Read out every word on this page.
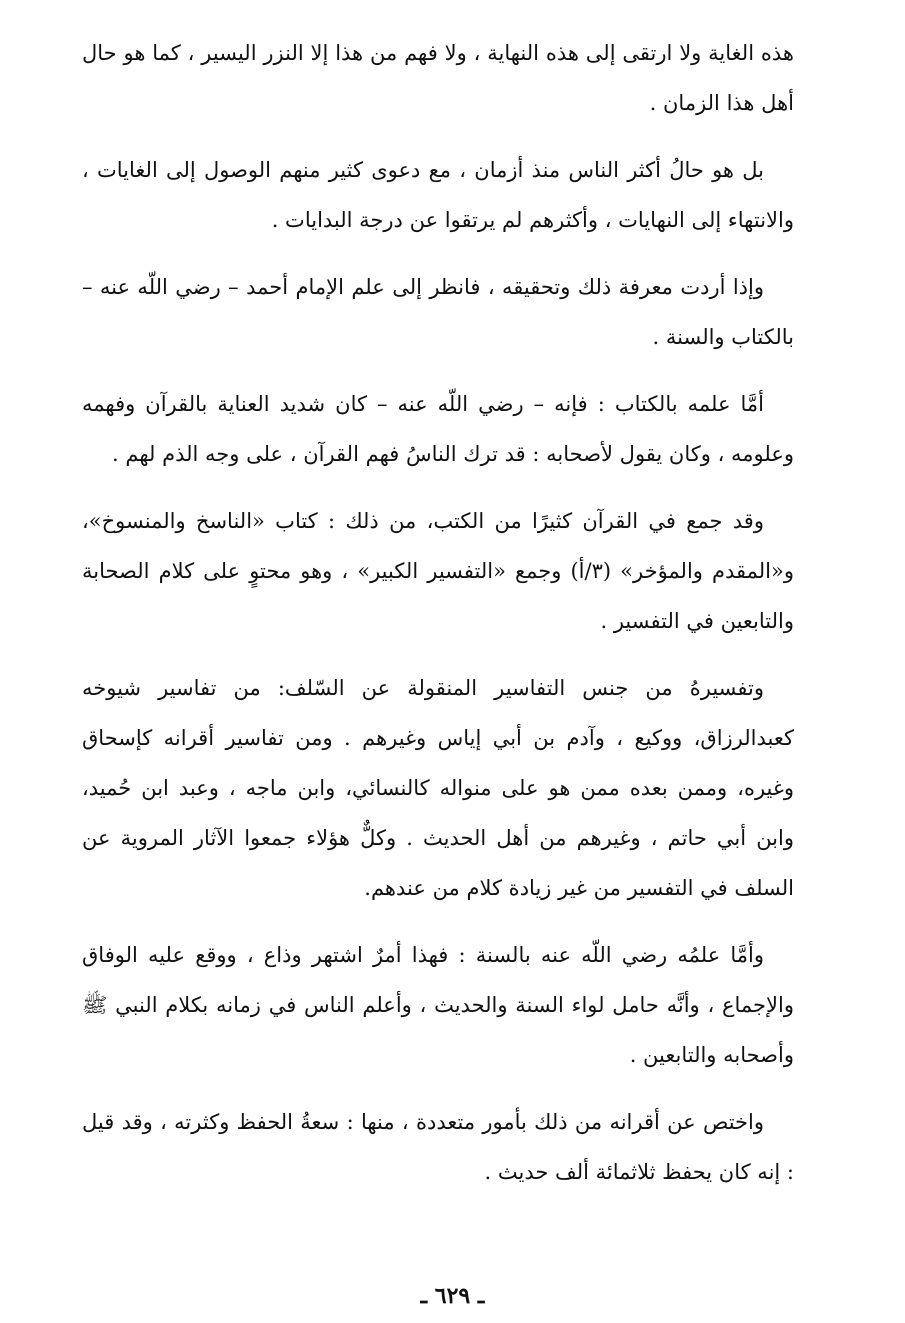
هذه الغاية ولا ارتقى إلى هذه النهاية ، ولا فهم من هذا إلا النزر اليسير ، كما هو حال أهل هذا الزمان .

بل هو حالُ أكثر الناس منذ أزمان ، مع دعوى كثير منهم الوصول إلى الغايات ، والانتهاء إلى النهايات ، وأكثرهم لم يرتقوا عن درجة البدايات .

وإذا أردت معرفة ذلك وتحقيقه ، فانظر إلى علم الإمام أحمد – رضي اللّه عنه – بالكتاب والسنة .

أمَّا علمه بالكتاب : فإنه – رضي اللّه عنه – كان شديد العناية بالقرآن وفهمه وعلومه ، وكان يقول لأصحابه : قد ترك الناسُ فهم القرآن ، على وجه الذم لهم .

وقد جمع في القرآن كثيرًا من الكتب، من ذلك : كتاب «الناسخ والمنسوخ»، و«المقدم والمؤخر» (٣/أ) وجمع «التفسير الكبير» ، وهو محتوٍ على كلام الصحابة والتابعين في التفسير .

وتفسيرهُ من جنس التفاسير المنقولة عن السّلف: من تفاسير شيوخه كعبدالرزاق، ووكيع ، وآدم بن أبي إياس وغيرهم . ومن تفاسير أقرانه كإسحاق وغيره، وممن بعده ممن هو على منواله كالنسائي، وابن ماجه ، وعبد ابن حُميد، وابن أبي حاتم ، وغيرهم من أهل الحديث . وكلٌّ هؤلاء جمعوا الآثار المروية عن السلف في التفسير من غير زيادة كلام من عندهم.

وأمَّا علمُه رضي اللّه عنه بالسنة : فهذا أمرٌ اشتهر وذاع ، ووقع عليه الوفاق والإجماع ، وأنَّه حامل لواء السنة والحديث ، وأعلم الناس في زمانه بكلام النبي ﷺ وأصحابه والتابعين .

واختص عن أقرانه من ذلك بأمور متعددة ، منها : سعةُ الحفظ وكثرته ، وقد قيل : إنه كان يحفظ ثلاثمائة ألف حديث .

ـ ٦٢٩ ـ
